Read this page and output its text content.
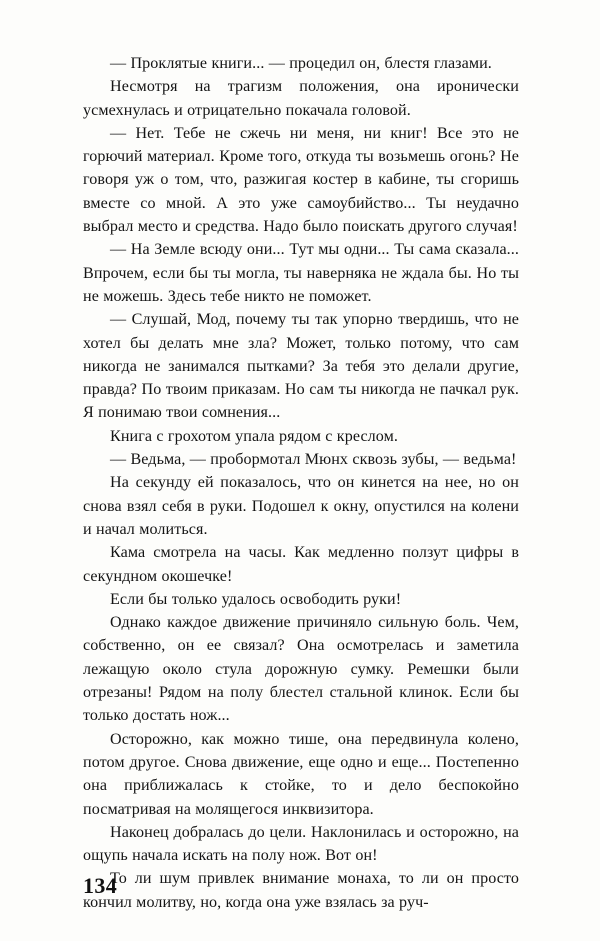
— Проклятые книги... — процедил он, блестя глазами.

Несмотря на трагизм положения, она иронически усмехнулась и отрицательно покачала головой.

— Нет. Тебе не сжечь ни меня, ни книг! Все это не горючий материал. Кроме того, откуда ты возьмешь огонь? Не говоря уж о том, что, разжигая костер в кабине, ты сгоришь вместе со мной. А это уже самоубийство... Ты неудачно выбрал место и средства. Надо было поискать другого случая!

— На Земле всюду они... Тут мы одни... Ты сама сказала... Впрочем, если бы ты могла, ты наверняка не ждала бы. Но ты не можешь. Здесь тебе никто не поможет.

— Слушай, Мод, почему ты так упорно твердишь, что не хотел бы делать мне зла? Может, только потому, что сам никогда не занимался пытками? За тебя это делали другие, правда? По твоим приказам. Но сам ты никогда не пачкал рук. Я понимаю твои сомнения...

Книга с грохотом упала рядом с креслом.

— Ведьма, — пробормотал Мюнх сквозь зубы, — ведьма!

На секунду ей показалось, что он кинется на нее, но он снова взял себя в руки. Подошел к окну, опустился на колени и начал молиться.

Кама смотрела на часы. Как медленно ползут цифры в секундном окошечке!

Если бы только удалось освободить руки!

Однако каждое движение причиняло сильную боль. Чем, собственно, он ее связал? Она осмотрелась и заметила лежащую около стула дорожную сумку. Ремешки были отрезаны! Рядом на полу блестел стальной клинок. Если бы только достать нож...

Осторожно, как можно тише, она передвинула колено, потом другое. Снова движение, еще одно и еще... Постепенно она приближалась к стойке, то и дело беспокойно посматривая на молящегося инквизитора.

Наконец добралась до цели. Наклонилась и осторожно, на ощупь начала искать на полу нож. Вот он!

То ли шум привлек внимание монаха, то ли он просто кончил молитву, но, когда она уже взялась за руч-

134
